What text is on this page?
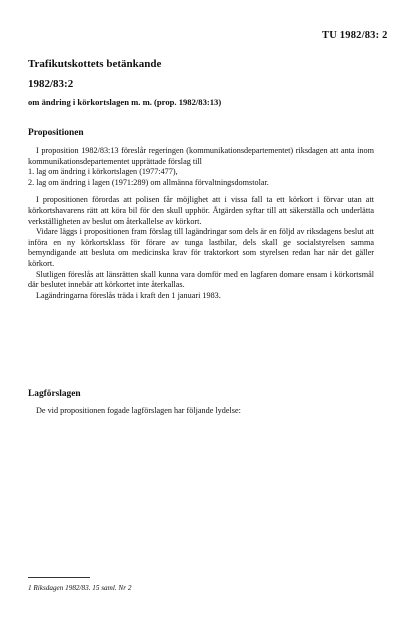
TU 1982/83: 2
Trafikutskottets betänkande
1982/83:2
om ändring i körkortslagen m. m. (prop. 1982/83:13)
Propositionen

I proposition 1982/83:13 föreslår regeringen (kommunikationsdepartementet) riksdagen att anta inom kommunikationsdepartementet upprättade förslag till

1. lag om ändring i körkortslagen (1977:477),

2. lag om ändring i lagen (1971:289) om allmänna förvaltningsdomstolar.

I propositionen förordas att polisen får möjlighet att i vissa fall ta ett körkort i förvar utan att körkortshavarens rätt att köra bil för den skull upphör. Åtgärden syftar till att säkerställa och underlätta verkställigheten av beslut om återkallelse av körkort.

Vidare läggs i propositionen fram förslag till lagändringar som dels är en följd av riksdagens beslut att införa en ny körkortsklass för förare av tunga lastbilar, dels skall ge socialstyrelsen samma bemyndigande att besluta om medicinska krav för traktorkort som styrelsen redan har när det gäller körkort.

Slutligen föreslås att länsrätten skall kunna vara domför med en lagfaren domare ensam i körkortsmål där beslutet innebär att körkortet inte återkallas.

Lagändringarna föreslås träda i kraft den 1 januari 1983.

Lagförslagen

De vid propositionen fogade lagförslagen har följande lydelse:

1 Riksdagen 1982/83. 15 saml. Nr 2
